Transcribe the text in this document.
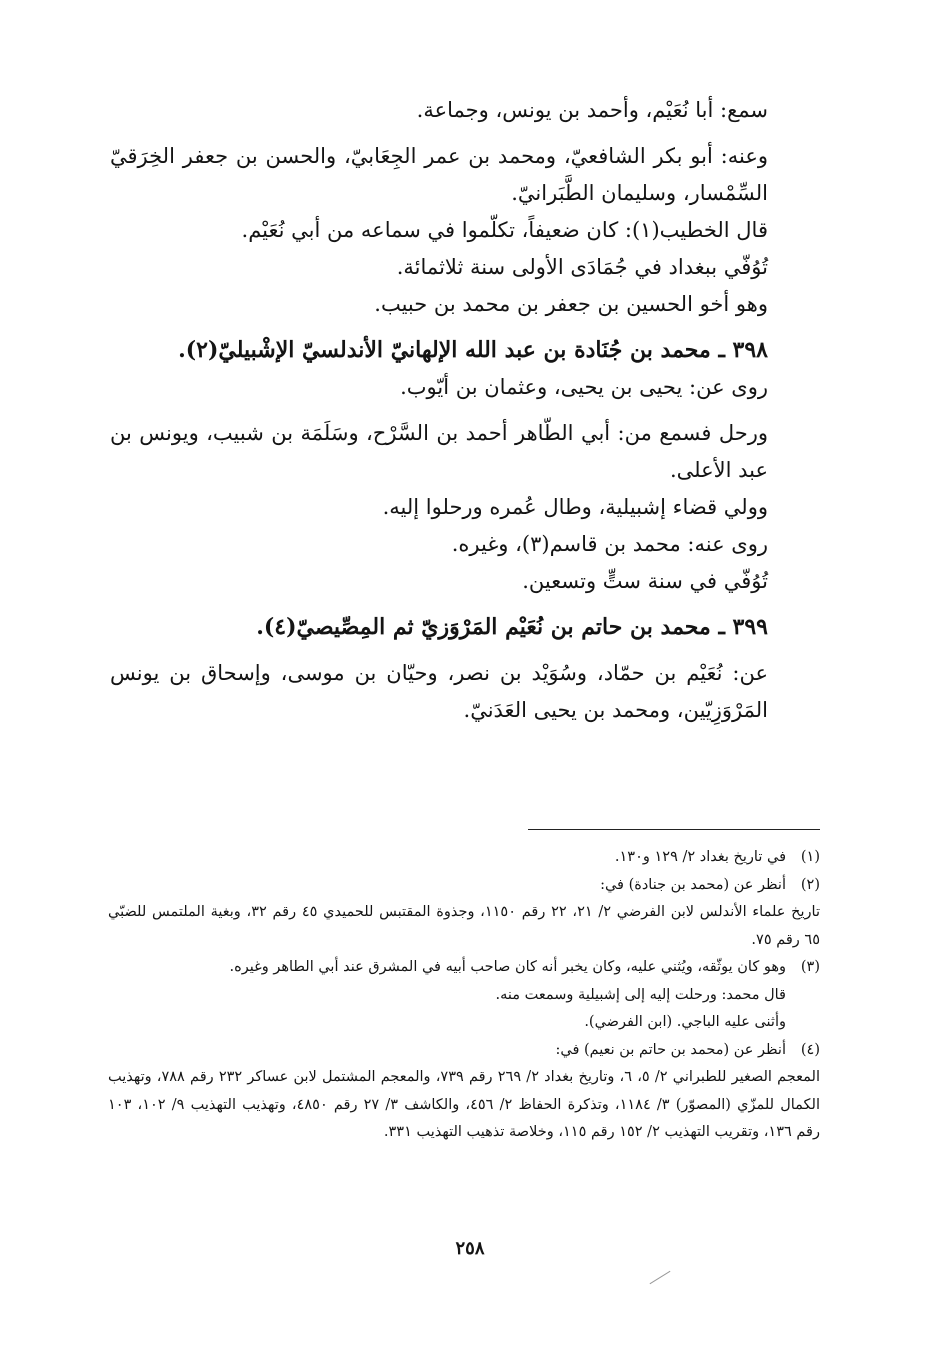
سمع: أبا نُعَيْم، وأحمد بن يونس، وجماعة.

وعنه: أبو بكر الشافعيّ، ومحمد بن عمر الجِعَابيّ، والحسن بن جعفر الخِرَقيّ السِّمْسار، وسليمان الطَّبَرانيّ.

قال الخطيب(١): كان ضعيفاً، تكلّموا في سماعه من أبي نُعَيْم.

تُوُفّي ببغداد في جُمَادَى الأولى سنة ثلاثمائة.

وهو أخو الحسين بن جعفر بن محمد بن حبيب.

٣٩٨ ـ محمد بن جُنَادة بن عبد الله الإلهانيّ الأندلسيّ الإشْبيليّ(٢).

روى عن: يحيى بن يحيى، وعثمان بن أيّوب.

ورحل فسمع من: أبي الطّاهر أحمد بن السَّرْح، وسَلَمَة بن شبيب، ويونس بن عبد الأعلى.

وولي قضاء إشبيلية، وطال عُمره ورحلوا إليه.

روى عنه: محمد بن قاسم(٣)، وغيره.

تُوُفّي في سنة ستٍّ وتسعين.

٣٩٩ ـ محمد بن حاتم بن نُعَيْم المَرْوَزيّ ثم المِصِّيصيّ(٤).

عن: نُعَيْم بن حمّاد، وسُوَيْد بن نصر، وحيّان بن موسى، وإسحاق بن يونس المَرْوَزِيّين، ومحمد بن يحيى العَدَنيّ.

(١)

في تاريخ بغداد ٢/ ١٢٩ و١٣٠.

(٢)

أنظر عن (محمد بن جنادة) في:

تاريخ علماء الأندلس لابن الفرضي ٢/ ٢١، ٢٢ رقم ١١٥٠، وجذوة المقتبس للحميدي ٤٥ رقم ٣٢، وبغية الملتمس للضبّي ٦٥ رقم ٧٥.

(٣)

وهو كان يوثّقه، ويُثني عليه، وكان يخبر أنه كان صاحب أبيه في المشرق عند أبي الطاهر وغيره.

قال محمد: ورحلت إليه إلى إشبيلية وسمعت منه.

وأثنى عليه الباجي. (ابن الفرضي).

(٤)

أنظر عن (محمد بن حاتم بن نعيم) في:

المعجم الصغير للطبراني ٢/ ٥، ٦، وتاريخ بغداد ٢/ ٢٦٩ رقم ٧٣٩، والمعجم المشتمل لابن عساكر ٢٣٢ رقم ٧٨٨، وتهذيب الكمال للمزّي (المصوّر) ٣/ ١١٨٤، وتذكرة الحفاظ ٢/ ٤٥٦، والكاشف ٣/ ٢٧ رقم ٤٨٥٠، وتهذيب التهذيب ٩/ ١٠٢، ١٠٣ رقم ١٣٦، وتقريب التهذيب ٢/ ١٥٢ رقم ١١٥، وخلاصة تذهيب التهذيب ٣٣١.

٢٥٨
